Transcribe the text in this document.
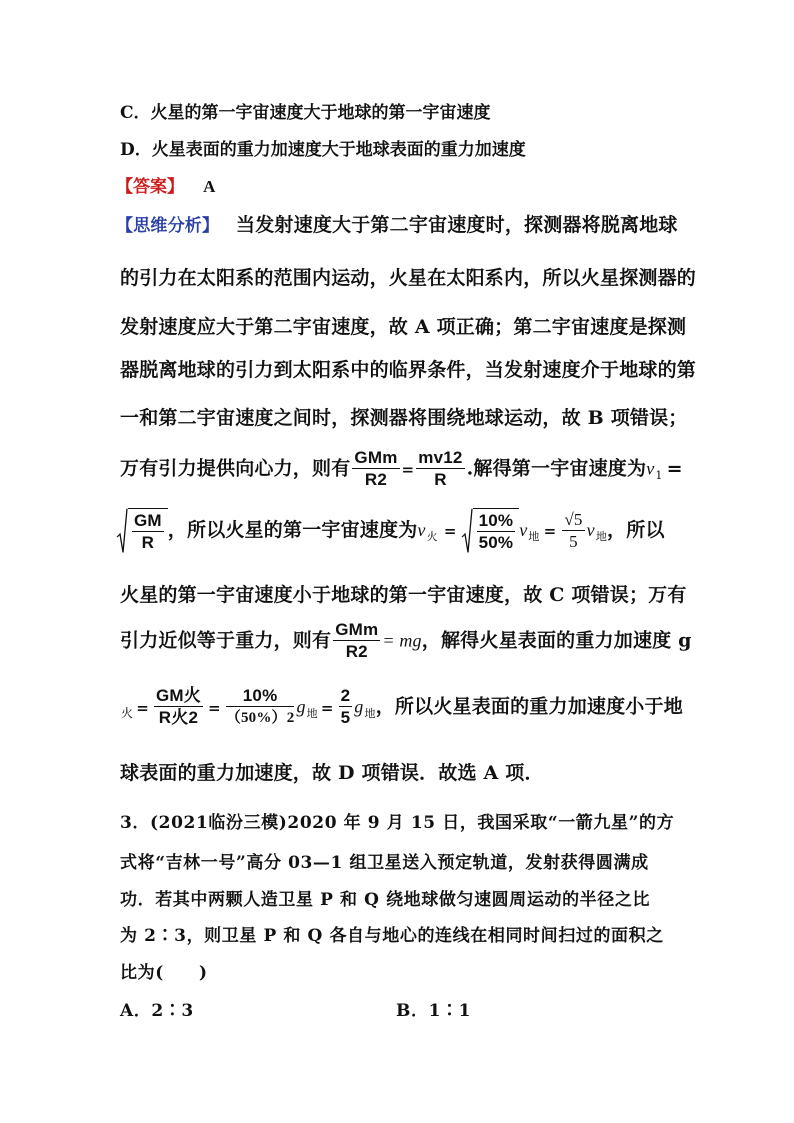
C．火星的第一宇宙速度大于地球的第一宇宙速度
D．火星表面的重力加速度大于地球表面的重力加速度
【答案】 A
【思维分析】 当发射速度大于第二宇宙速度时，探测器将脱离地球
的引力在太阳系的范围内运动，火星在太阳系内，所以火星探测器的
发射速度应大于第二宇宙速度，故 A 项正确；第二宇宙速度是探测
器脱离地球的引力到太阳系中的临界条件，当发射速度介于地球的第
一和第二宇宙速度之间时，探测器将围绕地球运动，故 B 项错误；
万有引力提供向心力，则有 $\frac{\text{GMm}}{R2} = \frac{mv12}{R}$ .解得第一宇宙速度为$v_1$ =
$\frac{GM}{R}$ ，所以火星的第一宇宙速度为$v_火 = \frac{10\%}{50\%} v_地 = \frac{√5}{5} v_地$，所以
火星的第一宇宙速度小于地球的第一宇宙速度，故 C 项错误；万有
引力近似等于重力，则有 $\frac{\text{GMm}}{R2}$ = mg，解得火星表面的重力加速度 g
$_火 = \frac{\text{GM火}}{\text{R火2}} = \frac{10\%}{(50\%)2} g_地 = \frac{2}{5} g_地$，所以火星表面的重力加速度小于地
球表面的重力加速度，故 D 项错误．故选 A 项．
3．(2021临汾三模)2020 年 9 月 15 日，我国采取“一箭九星”的方
式将“吉林一号”高分 03—1 组卫星送入预定轨道，发射获得圆满成
功．若其中两颗人造卫星 P 和 Q 绕地球做匀速圆周运动的半径之比
为 2∶3，则卫星 P 和 Q 各自与地心的连线在相同时间扫过的面积之
比为(　　)
A．2∶3	B．1∶1
